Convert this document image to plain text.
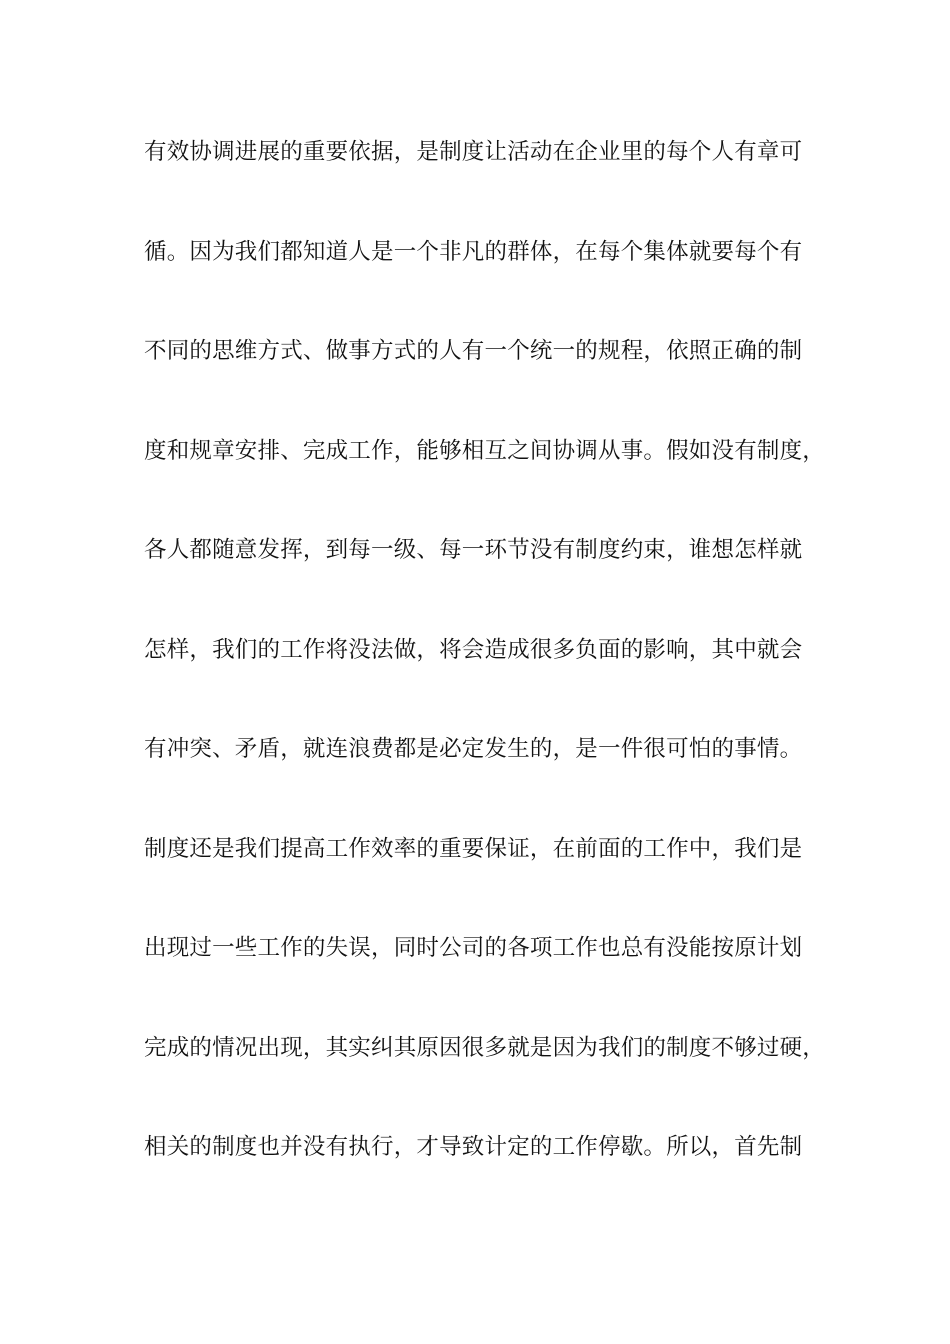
有效协调进展的重要依据，是制度让活动在企业里的每个人有章可
循。因为我们都知道人是一个非凡的群体，在每个集体就要每个有
不同的思维方式、做事方式的人有一个统一的规程，依照正确的制
度和规章安排、完成工作，能够相互之间协调从事。假如没有制度，
各人都随意发挥，到每一级、每一环节没有制度约束，谁想怎样就
怎样，我们的工作将没法做，将会造成很多负面的影响，其中就会
有冲突、矛盾，就连浪费都是必定发生的，是一件很可怕的事情。
制度还是我们提高工作效率的重要保证，在前面的工作中，我们是
出现过一些工作的失误，同时公司的各项工作也总有没能按原计划
完成的情况出现，其实纠其原因很多就是因为我们的制度不够过硬，
相关的制度也并没有执行，才导致计定的工作停歇。所以，首先制
